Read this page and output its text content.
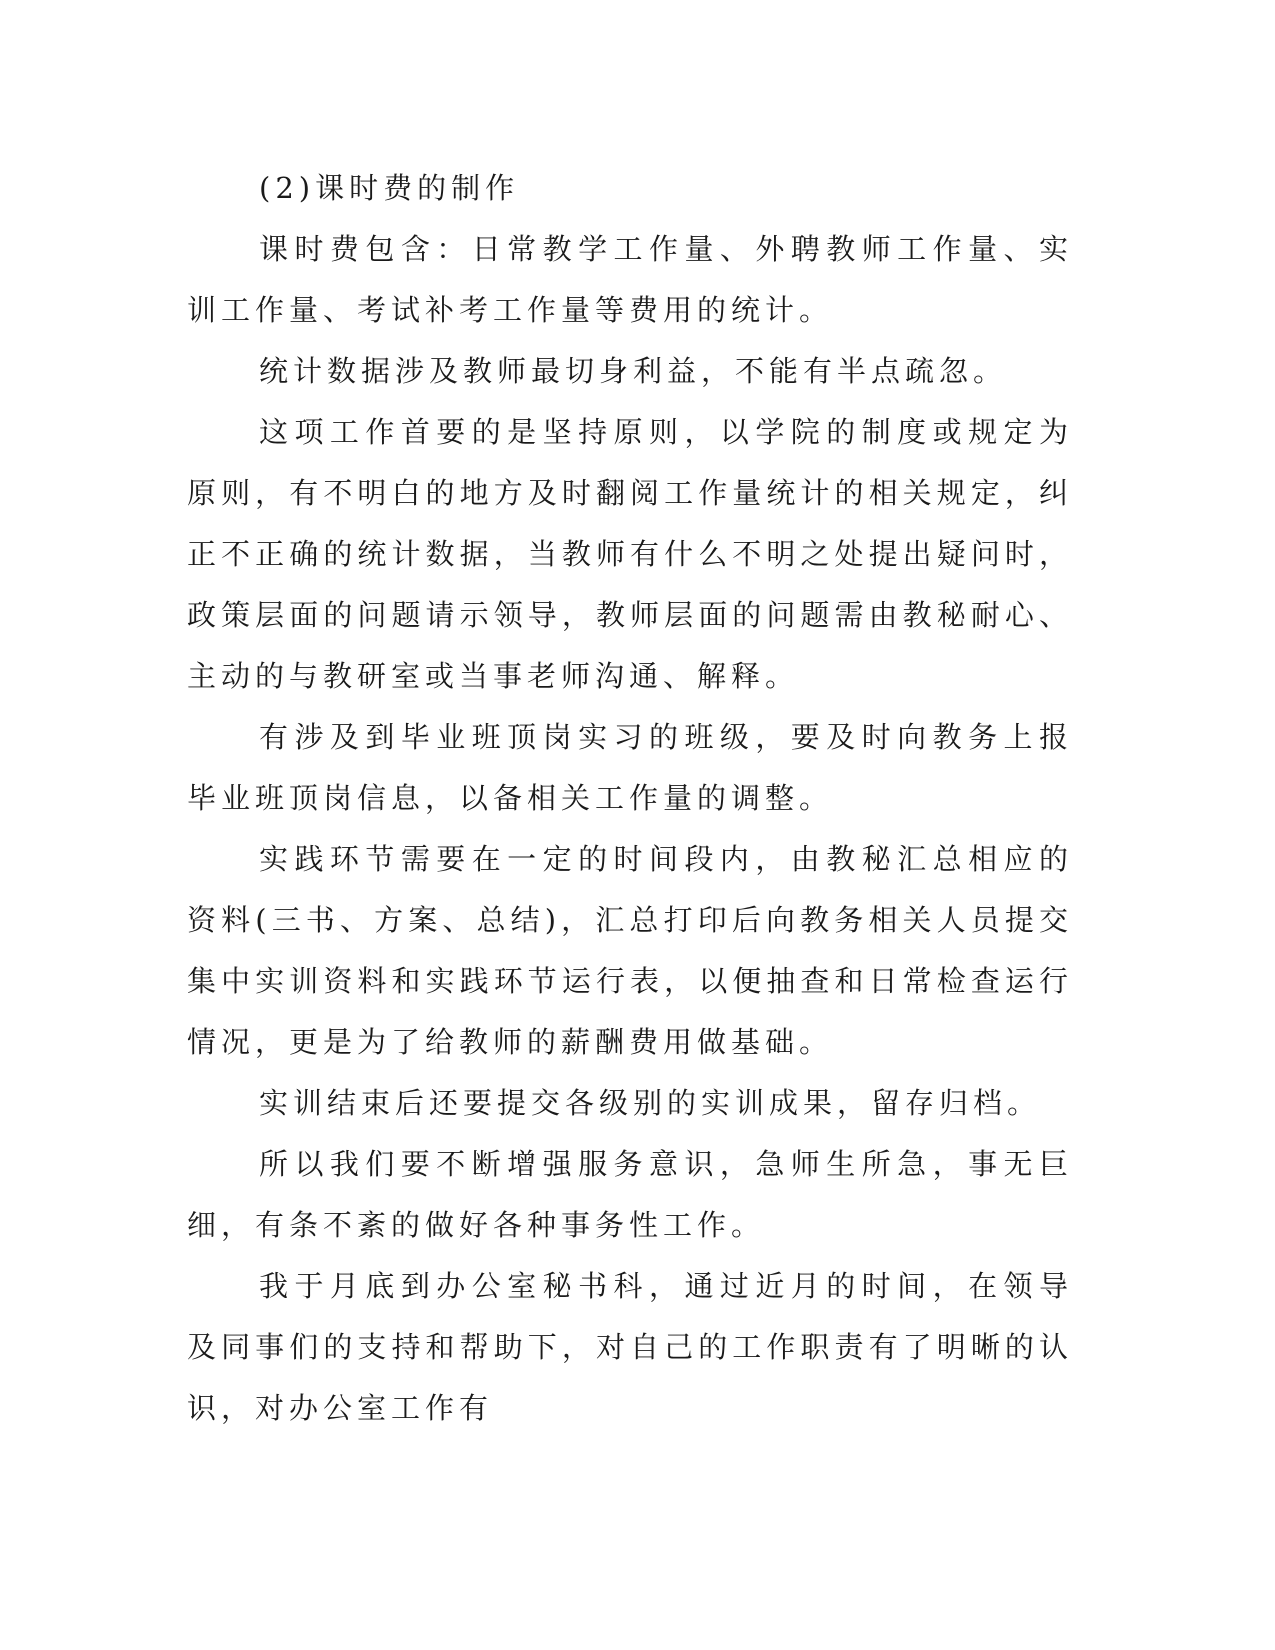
(2)课时费的制作

课时费包含：日常教学工作量、外聘教师工作量、实训工作量、考试补考工作量等费用的统计。

统计数据涉及教师最切身利益，不能有半点疏忽。

这项工作首要的是坚持原则，以学院的制度或规定为原则，有不明白的地方及时翻阅工作量统计的相关规定，纠正不正确的统计数据，当教师有什么不明之处提出疑问时，政策层面的问题请示领导，教师层面的问题需由教秘耐心、主动的与教研室或当事老师沟通、解释。

有涉及到毕业班顶岗实习的班级，要及时向教务上报毕业班顶岗信息，以备相关工作量的调整。

实践环节需要在一定的时间段内，由教秘汇总相应的资料(三书、方案、总结)，汇总打印后向教务相关人员提交集中实训资料和实践环节运行表，以便抽查和日常检查运行情况，更是为了给教师的薪酬费用做基础。

实训结束后还要提交各级别的实训成果，留存归档。

所以我们要不断增强服务意识，急师生所急，事无巨细，有条不紊的做好各种事务性工作。

我于月底到办公室秘书科，通过近月的时间，在领导及同事们的支持和帮助下，对自己的工作职责有了明晰的认识，对办公室工作有
